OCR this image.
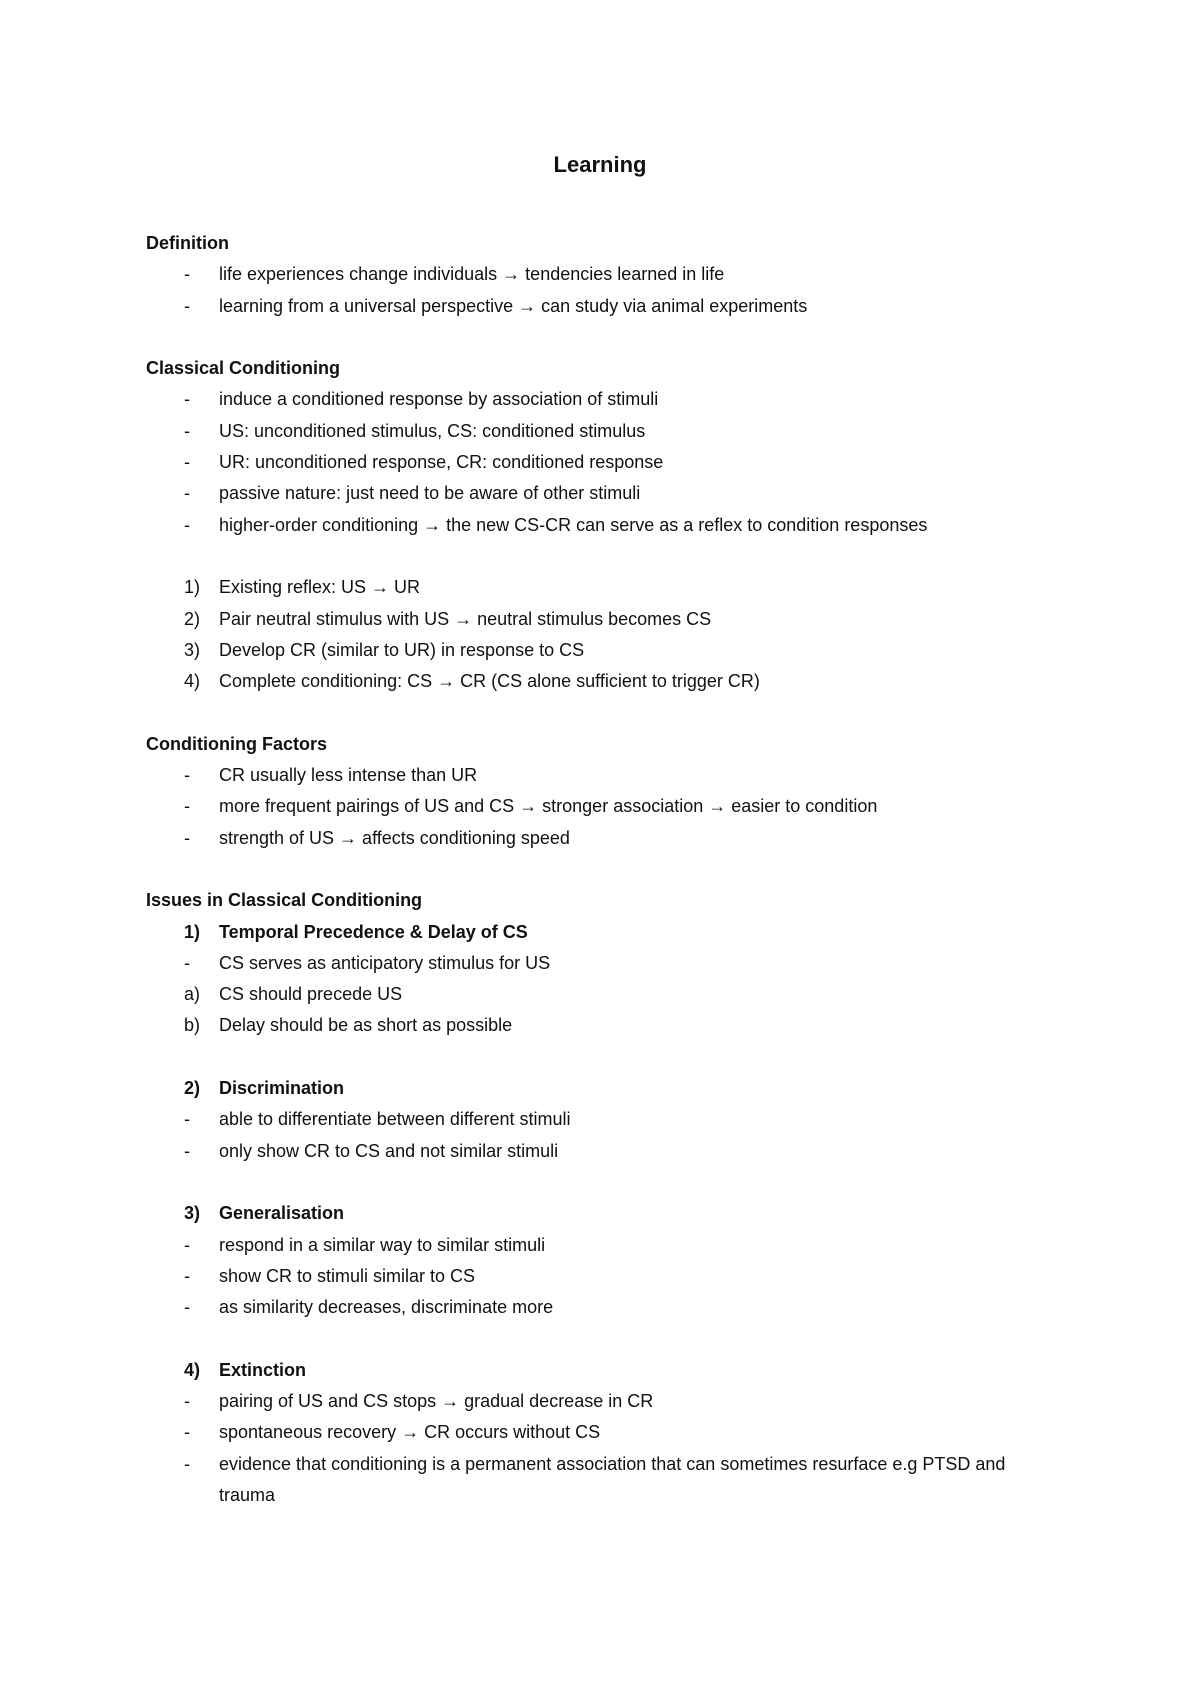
Learning
Definition
-	life experiences change individuals → tendencies learned in life
-	learning from a universal perspective → can study via animal experiments
Classical Conditioning
-	induce a conditioned response by association of stimuli
-	US: unconditioned stimulus, CS: conditioned stimulus
-	UR: unconditioned response, CR: conditioned response
-	passive nature: just need to be aware of other stimuli
-	higher-order conditioning → the new CS-CR can serve as a reflex to condition responses
1)	Existing reflex: US → UR
2)	Pair neutral stimulus with US → neutral stimulus becomes CS
3)	Develop CR (similar to UR) in response to CS
4)	Complete conditioning: CS → CR (CS alone sufficient to trigger CR)
Conditioning Factors
-	CR usually less intense than UR
-	more frequent pairings of US and CS → stronger association → easier to condition
-	strength of US → affects conditioning speed
Issues in Classical Conditioning
1)	Temporal Precedence & Delay of CS
-	CS serves as anticipatory stimulus for US
a)	CS should precede US
b)	Delay should be as short as possible
2)	Discrimination
-	able to differentiate between different stimuli
-	only show CR to CS and not similar stimuli
3)	Generalisation
-	respond in a similar way to similar stimuli
-	show CR to stimuli similar to CS
-	as similarity decreases, discriminate more
4)	Extinction
-	pairing of US and CS stops → gradual decrease in CR
-	spontaneous recovery → CR occurs without CS
-	evidence that conditioning is a permanent association that can sometimes resurface e.g PTSD and trauma
